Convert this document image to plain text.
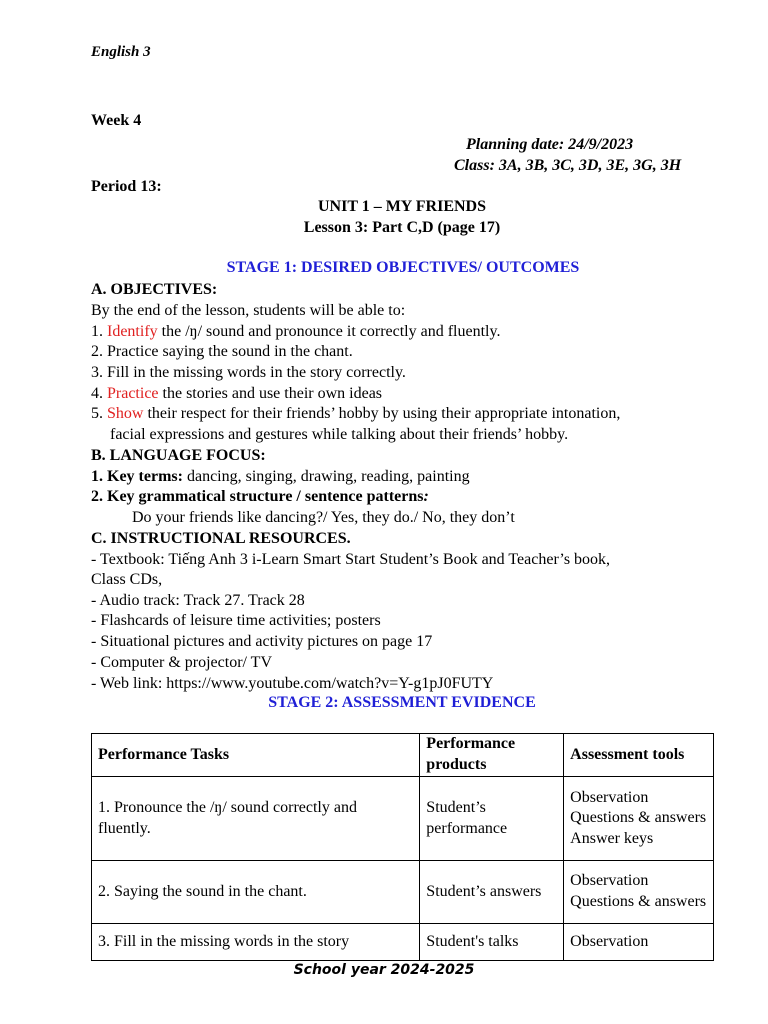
English 3
Week 4
Planning date: 24/9/2023
Class: 3A, 3B, 3C, 3D, 3E, 3G, 3H
Period 13:
UNIT 1 – MY FRIENDS
Lesson 3: Part C,D (page 17)
STAGE 1: DESIRED OBJECTIVES/ OUTCOMES
A. OBJECTIVES:
By the end of the lesson, students will be able to:
1. Identify the /ŋ/ sound and pronounce it correctly and fluently.
2. Practice saying the sound in the chant.
3. Fill in the missing words in the story correctly.
4. Practice the stories and use their own ideas
5. Show their respect for their friends’ hobby by using their appropriate intonation,
facial expressions and gestures while talking about their friends’ hobby.
B. LANGUAGE FOCUS:
1. Key terms: dancing, singing, drawing, reading, painting
2. Key grammatical structure / sentence patterns:
Do your friends like dancing?/ Yes, they do./ No, they don’t
C. INSTRUCTIONAL RESOURCES.
- Textbook: Tiếng Anh 3 i-Learn Smart Start Student’s Book and Teacher’s book,
Class CDs,
- Audio track: Track 27. Track 28
- Flashcards of leisure time activities; posters
- Situational pictures and activity pictures on page 17
- Computer & projector/ TV
- Web link: https://www.youtube.com/watch?v=Y-g1pJ0FUTY
STAGE 2: ASSESSMENT EVIDENCE
Performance Tasks	Performance products	Assessment tools
1. Pronounce the /ŋ/ sound correctly and fluently.	Student’s performance	Observation
Questions & answers
Answer keys

2. Saying the sound in the chant.	Student’s answers	Observation
Questions & answers

3. Fill in the missing words in the story	Student's talks	Observation
School year 2024-2025
